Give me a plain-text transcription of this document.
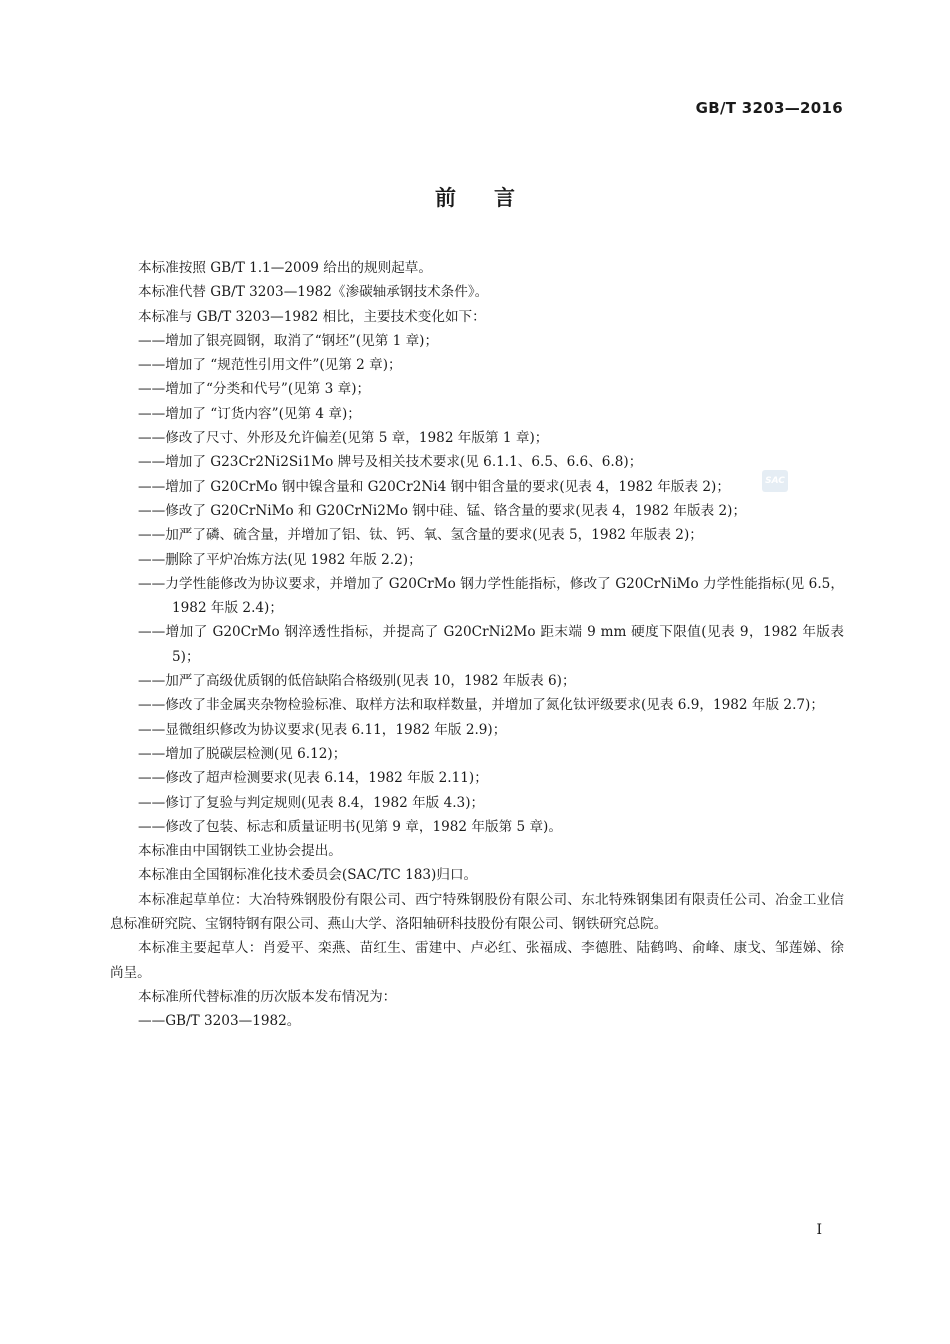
GB/T 3203—2016
前言
SAC

本标准按照 GB/T 1.1—2009 给出的规则起草。

本标准代替 GB/T 3203—1982《渗碳轴承钢技术条件》。

本标准与 GB/T 3203—1982 相比，主要技术变化如下：

——增加了银亮圆钢，取消了“钢坯”(见第 1 章)；

——增加了 “规范性引用文件”(见第 2 章)；

——增加了“分类和代号”(见第 3 章)；

——增加了 “订货内容”(见第 4 章)；

——修改了尺寸、外形及允许偏差(见第 5 章，1982 年版第 1 章)；

——增加了 G23Cr2Ni2Si1Mo 牌号及相关技术要求(见 6.1.1、6.5、6.6、6.8)；

——增加了 G20CrMo 钢中镍含量和 G20Cr2Ni4 钢中钼含量的要求(见表 4，1982 年版表 2)；

——修改了 G20CrNiMo 和 G20CrNi2Mo 钢中硅、锰、铬含量的要求(见表 4，1982 年版表 2)；

——加严了磷、硫含量，并增加了铝、钛、钙、氧、氢含量的要求(见表 5，1982 年版表 2)；

——删除了平炉冶炼方法(见 1982 年版 2.2)；

——力学性能修改为协议要求，并增加了 G20CrMo 钢力学性能指标，修改了 G20CrNiMo 力学性能指标(见 6.5，1982 年版 2.4)；

——增加了 G20CrMo 钢淬透性指标，并提高了 G20CrNi2Mo 距末端 9 mm 硬度下限值(见表 9，1982 年版表 5)；

——加严了高级优质钢的低倍缺陷合格级别(见表 10，1982 年版表 6)；

——修改了非金属夹杂物检验标准、取样方法和取样数量，并增加了氮化钛评级要求(见表 6.9，1982 年版 2.7)；

——显微组织修改为协议要求(见表 6.11，1982 年版 2.9)；

——增加了脱碳层检测(见 6.12)；

——修改了超声检测要求(见表 6.14，1982 年版 2.11)；

——修订了复验与判定规则(见表 8.4，1982 年版 4.3)；

——修改了包装、标志和质量证明书(见第 9 章，1982 年版第 5 章)。

本标准由中国钢铁工业协会提出。

本标准由全国钢标准化技术委员会(SAC/TC 183)归口。

本标准起草单位：大冶特殊钢股份有限公司、西宁特殊钢股份有限公司、东北特殊钢集团有限责任公司、冶金工业信息标准研究院、宝钢特钢有限公司、燕山大学、洛阳轴研科技股份有限公司、钢铁研究总院。

本标准主要起草人：肖爱平、栾燕、苗红生、雷建中、卢必红、张福成、李德胜、陆鹤鸣、俞峰、康戈、邹莲娣、徐尚呈。

本标准所代替标准的历次版本发布情况为：

——GB/T 3203—1982。

I
